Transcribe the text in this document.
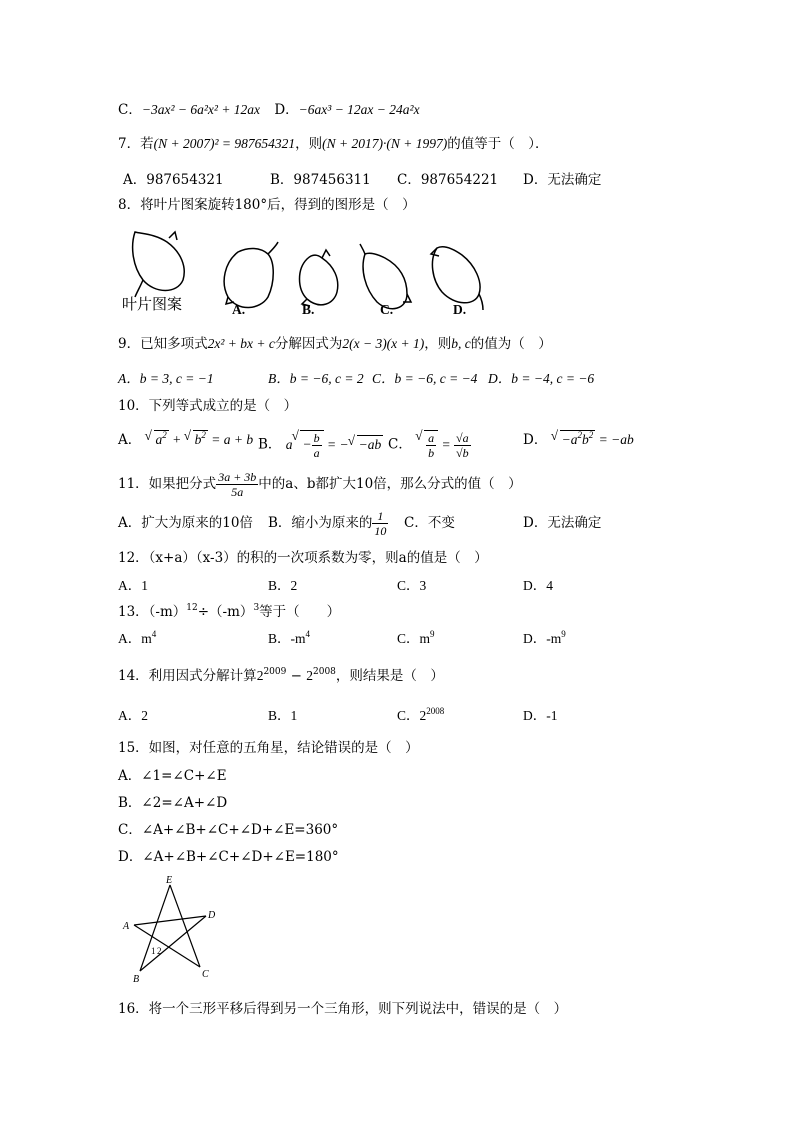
C．−3ax² − 6a²x² + 12ax D．−6ax³ − 12ax − 24a²x
7．若(N + 2007)² = 987654321，则(N + 2017)·(N + 1997)的值等于（　）．
A．987654321	B．987456311 C．987654221 D．无法确定
8．将叶片图案旋转180°后，得到的图形是（　）
叶片图案	A.	B.	C.	D.
9．已知多项式2x² + bx + c分解因式为2(x − 3)(x + 1)，则b, c的值为（　）
A．b = 3, c = −1	B．b = −6, c = 2 C．b = −6, c = −4 D．b = −4, c = −6
10．下列等式成立的是（　）
A． √ $a^2$ + √ $b^2 = a + b$ B． $a√ - \frac{b}{a}$ = −√ −ab C．
√ $\frac{a}{b} = \frac{√a}{√b}$	D． √ $-a^2b^2 = -ab$
11．如果把分式 $\frac{3a + 3b}{5a}$ 中的a、b都扩大10倍，那么分式的值（　）
A．扩大为原来的10倍 B．缩小为原来的 $\frac{1}{10}$ C．不变	D．无法确定
12．（x+a）（x-3）的积的一次项系数为零，则a的值是（　）
A．1	B．2	C．3	D．4
13．$(-m)^{12}\div(-m)^3$等于（　　）
A．$m^4$	B．$-m^4$	C．$m^9$	D．$-m^9$
14．利用因式分解计算$2^{2009} - 2^{2008}$，则结果是（　）
A．2	B．1	C．$2^{2008}$	D．-1
15．如图，对任意的五角星，结论错误的是（　）
A．∠1=∠C+∠E
B．∠2=∠A+∠D
C．∠A+∠B+∠C+∠D+∠E=360°
D．∠A+∠B+∠C+∠D+∠E=180°
E
A
D
B	C
1 2
16．将一个三形平移后得到另一个三角形，则下列说法中，错误的是（　）
